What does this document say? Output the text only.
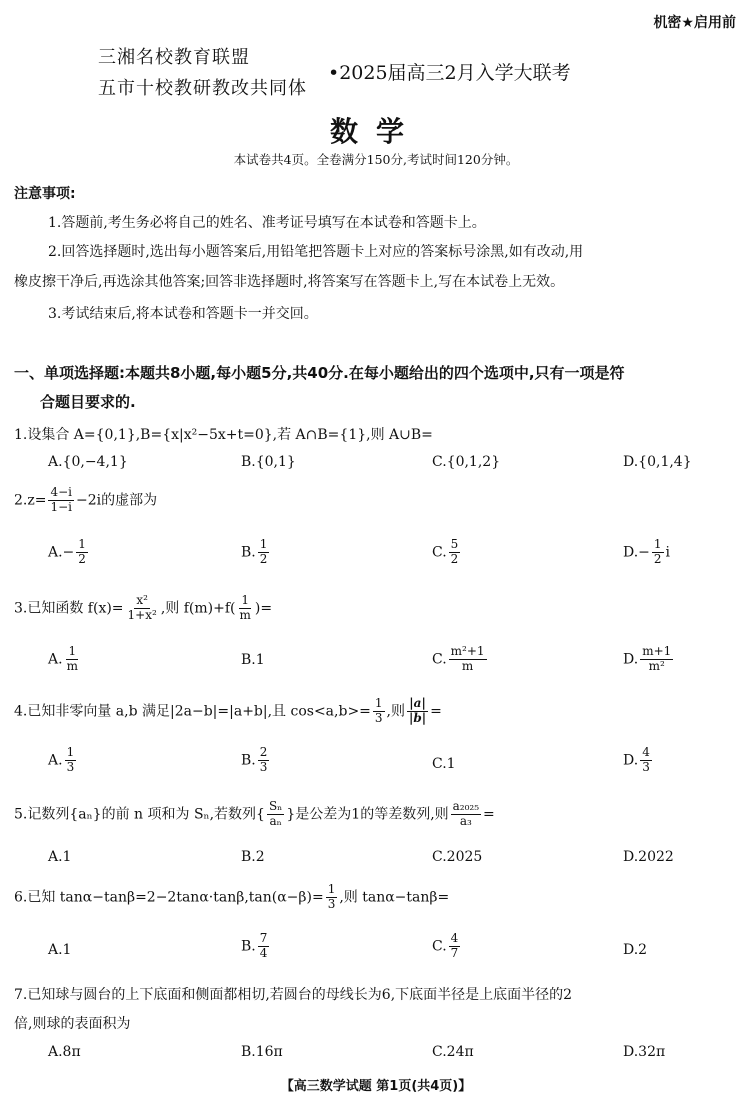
机密★启用前
三湘名校教育联盟
五市十校教研教改共同体
•2025届高三2月入学大联考
数学
本试卷共4页。全卷满分150分,考试时间120分钟。
注意事项:
1.答题前,考生务必将自己的姓名、准考证号填写在本试卷和答题卡上。
2.回答选择题时,选出每小题答案后,用铅笔把答题卡上对应的答案标号涂黑,如有改动,用
橡皮擦干净后,再选涂其他答案;回答非选择题时,将答案写在答题卡上,写在本试卷上无效。
3.考试结束后,将本试卷和答题卡一并交回。
一、单项选择题:本题共8小题,每小题5分,共40分.在每小题给出的四个选项中,只有一项是符
合题目要求的.
1.设集合 A={0,1},B={x|x²−5x+t=0},若 A∩B={1},则 A∪B=
A.{0,−4,1}	B.{0,1}	C.{0,1,2}	D.{0,1,4}
$2.z= \frac{4-i}{1-i} -2i$的虚部为
$A.- \frac{1}{2}$	B. $\frac{1}{2}$	C. $\frac{5}{2}$	$D.- \frac{1}{2}$ i
3.已知函数 $f(x)= \frac{\text{x²}}{\text{1+x²}}$ ,则 $f(m)+f( \frac{1}{m}$ )=
A. $\frac{1}{m}$	B.1	C. $\frac{\text{m²+1}}{m}$	D. $\frac{m+1}{\text{m²}}$
4.已知非零向量 a,b 满足|2a−b|=|a+b|,且 $\cos<a,b>= \frac{1}{3}$ ,则 $\frac{|a|}{|b|}$ =
A. $\frac{1}{3}$	B. $\frac{2}{3}$	C.1	D. $\frac{4}{3}$
5.记数列{aₙ}的前 n 项和为 Sₙ,若数列{ $\frac{\text{Sₙ}}{\text{aₙ}}$ }是公差为1的等差数列,则 $\frac{\text{a₂₀₂₅}}{\text{a₃}}$ =
A.1	B.2	C.2025	D.2022
6.已知 $\tan\alpha-\tan\beta=2-2\tan\alpha\cdot\tan\beta,\tan(\alpha-\beta)= \frac{1}{3}$ ,则 tanα−tanβ=
A.1	B. $\frac{7}{4}$	C. $\frac{4}{7}$	D.2
7.已知球与圆台的上下底面和侧面都相切,若圆台的母线长为6,下底面半径是上底面半径的2
倍,则球的表面积为
A.8π	B.16π	C.24π	D.32π
【高三数学试题 第1页(共4页)】
